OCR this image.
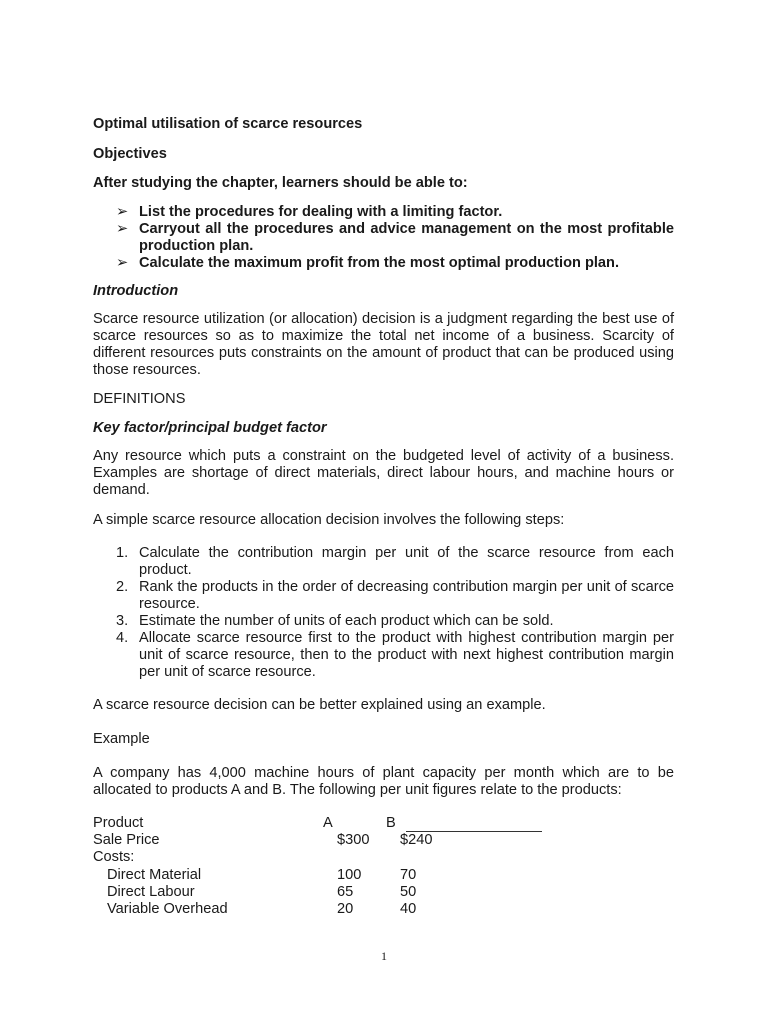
Optimal utilisation of scarce resources
Objectives
After studying the chapter, learners should be able to:
➢ List the procedures for dealing with a limiting factor.
➢ Carryout all the procedures and advice management on the most profitable production plan.
➢ Calculate the maximum profit from the most optimal production plan.
Introduction
Scarce resource utilization (or allocation) decision is a judgment regarding the best use of scarce resources so as to maximize the total net income of a business. Scarcity of different resources puts constraints on the amount of product that can be produced using those resources.
DEFINITIONS
Key factor/principal budget factor
Any resource which puts a constraint on the budgeted level of activity of a business. Examples are shortage of direct materials, direct labour hours, and machine hours or demand.
A simple scarce resource allocation decision involves the following steps:
1. Calculate the contribution margin per unit of the scarce resource from each product.
2. Rank the products in the order of decreasing contribution margin per unit of scarce resource.
3. Estimate the number of units of each product which can be sold.
4. Allocate scarce resource first to the product with highest contribution margin per unit of scarce resource, then to the product with next highest contribution margin per unit of scarce resource.
A scarce resource decision can be better explained using an example.
Example
A company has 4,000 machine hours of plant capacity per month which are to be allocated to products A and B. The following per unit figures relate to the products:
Product	A	B
Sale Price	$300 $240
Costs:
Direct Material	100	70
Direct Labour	65	50
Variable Overhead	20	40
1
